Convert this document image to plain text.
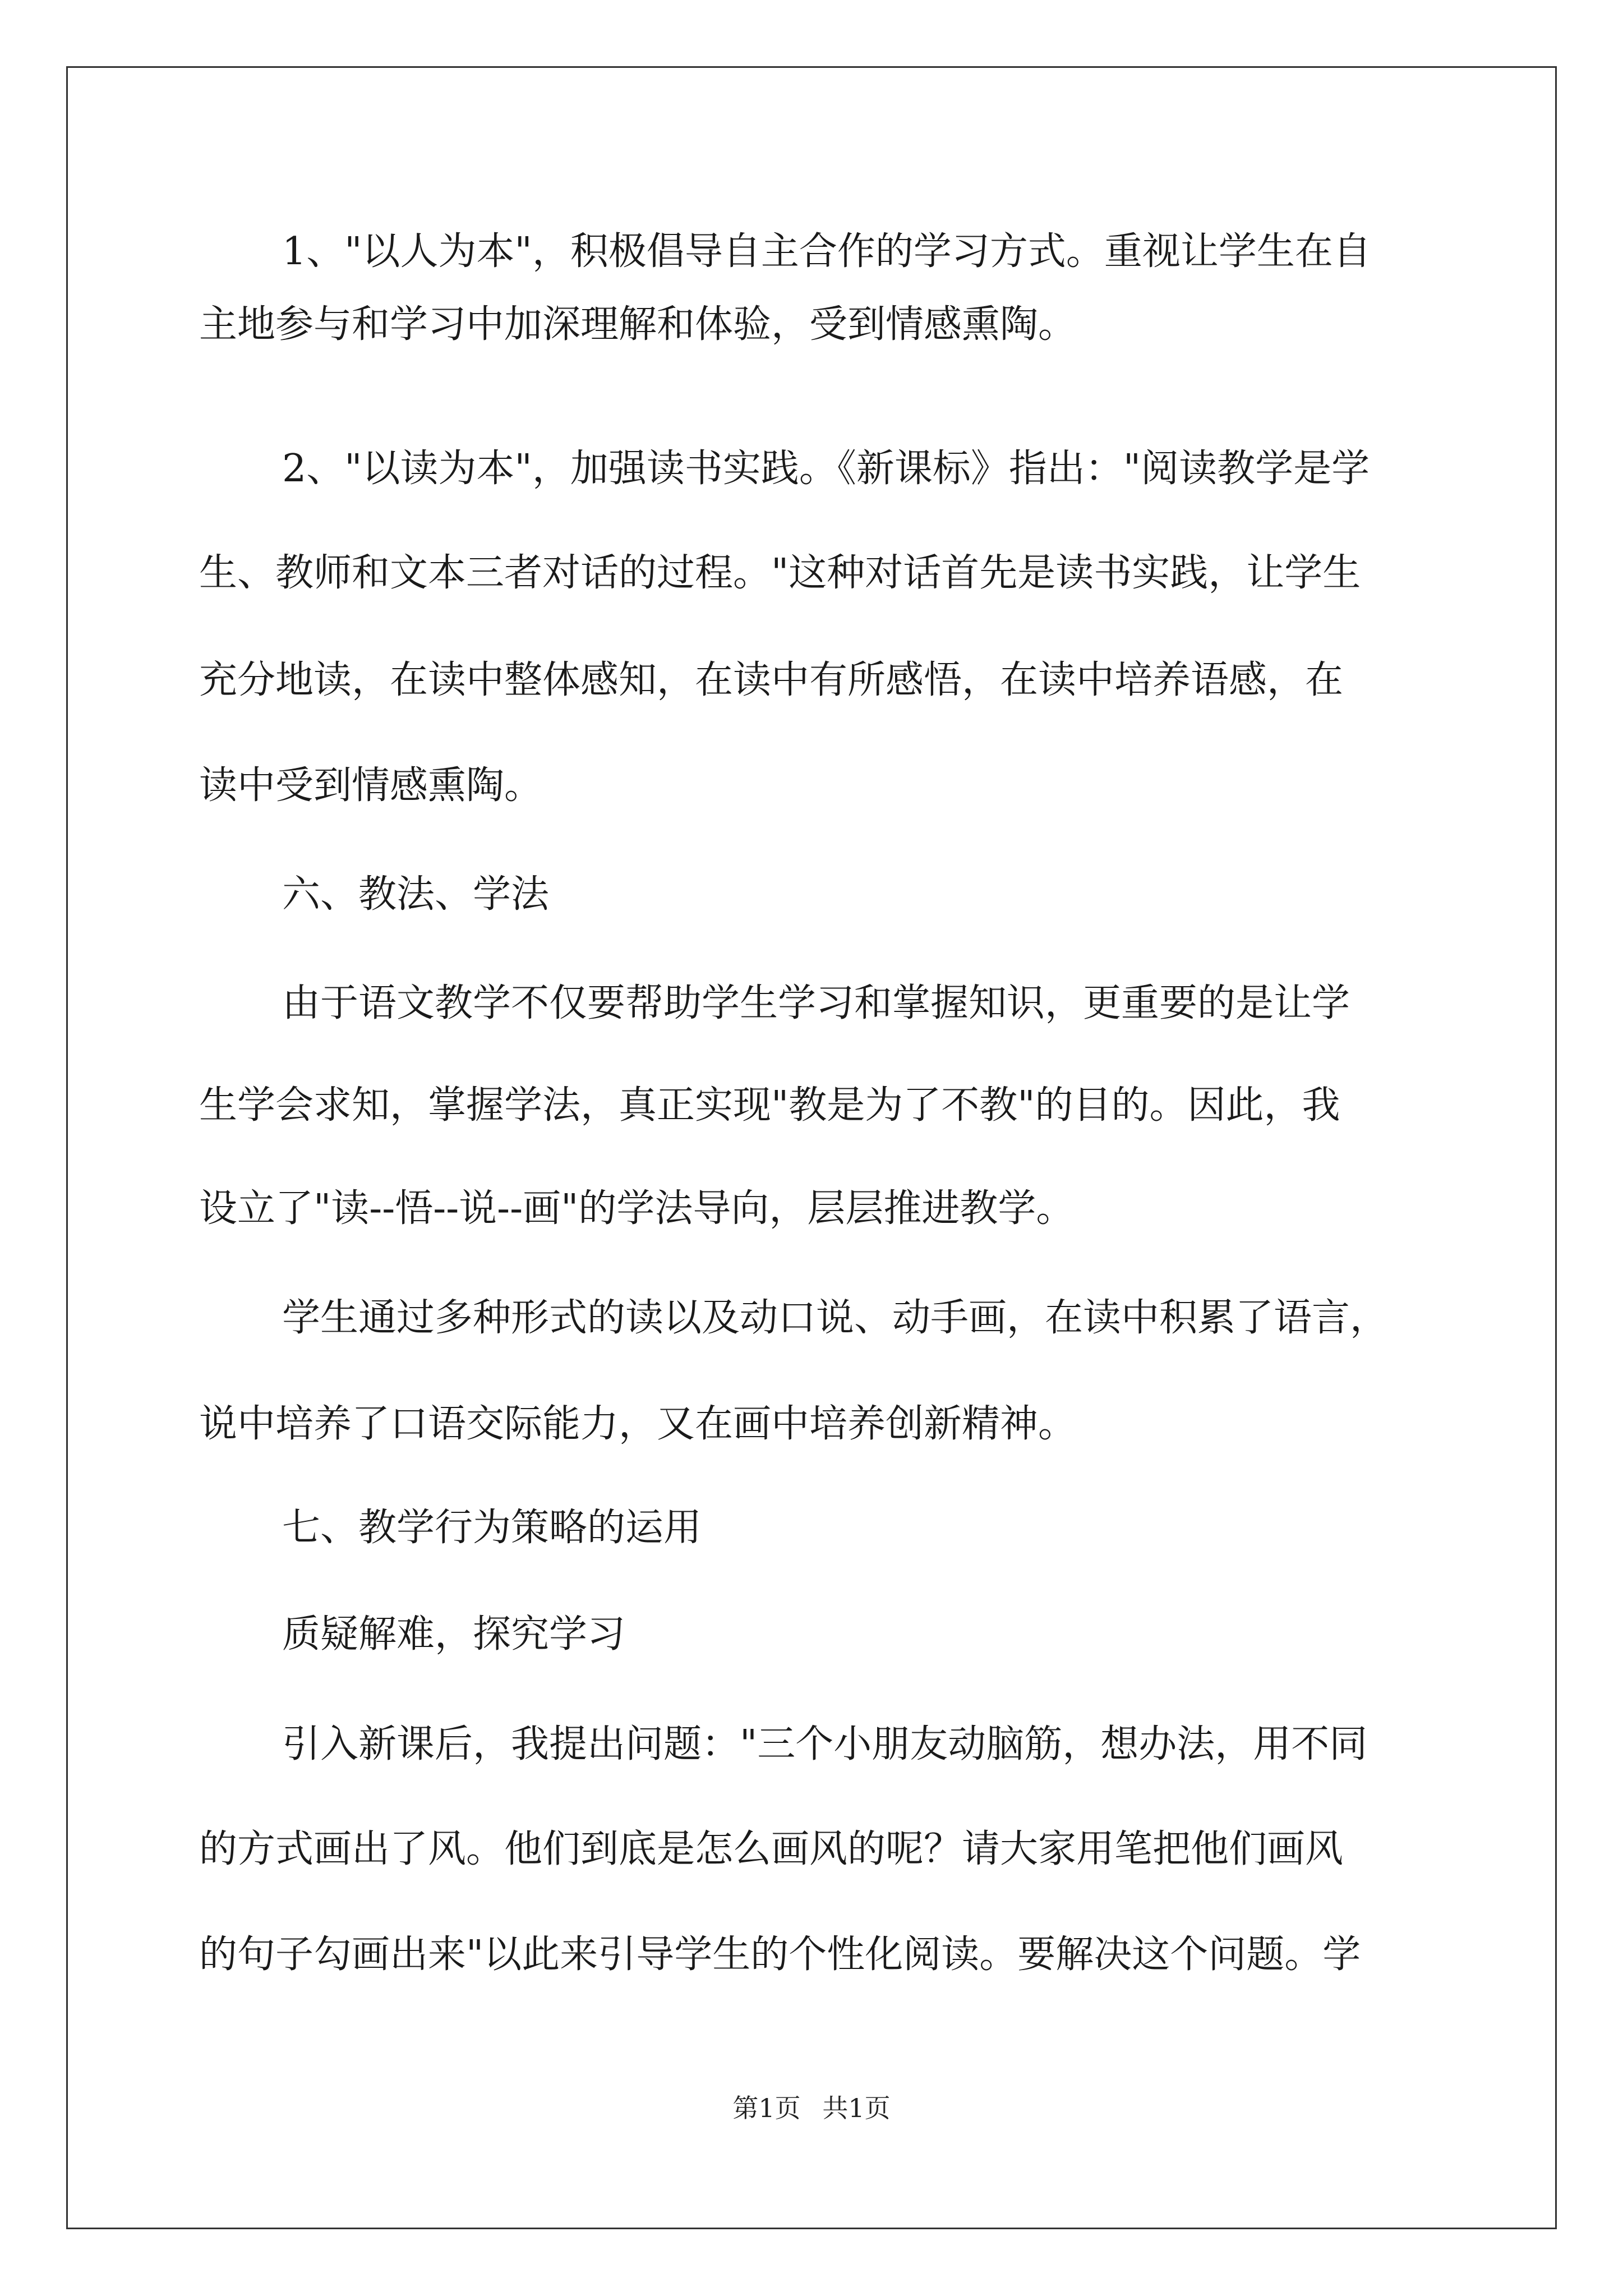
1、"以人为本"，积极倡导自主合作的学习方式。重视让学生在自
主地参与和学习中加深理解和体验，受到情感熏陶。
2、"以读为本"，加强读书实践。《新课标》指出："阅读教学是学
生、教师和文本三者对话的过程。"这种对话首先是读书实践，让学生
充分地读，在读中整体感知，在读中有所感悟，在读中培养语感，在
读中受到情感熏陶。
六、教法、学法
由于语文教学不仅要帮助学生学习和掌握知识，更重要的是让学
生学会求知，掌握学法，真正实现"教是为了不教"的目的。因此，我
设立了"读--悟--说--画"的学法导向，层层推进教学。
学生通过多种形式的读以及动口说、动手画，在读中积累了语言，
说中培养了口语交际能力，又在画中培养创新精神。
七、教学行为策略的运用
质疑解难，探究学习
引入新课后，我提出问题："三个小朋友动脑筋，想办法，用不同
的方式画出了风。他们到底是怎么画风的呢？请大家用笔把他们画风
的句子勾画出来"以此来引导学生的个性化阅读。要解决这个问题。学
第1页 共1页
